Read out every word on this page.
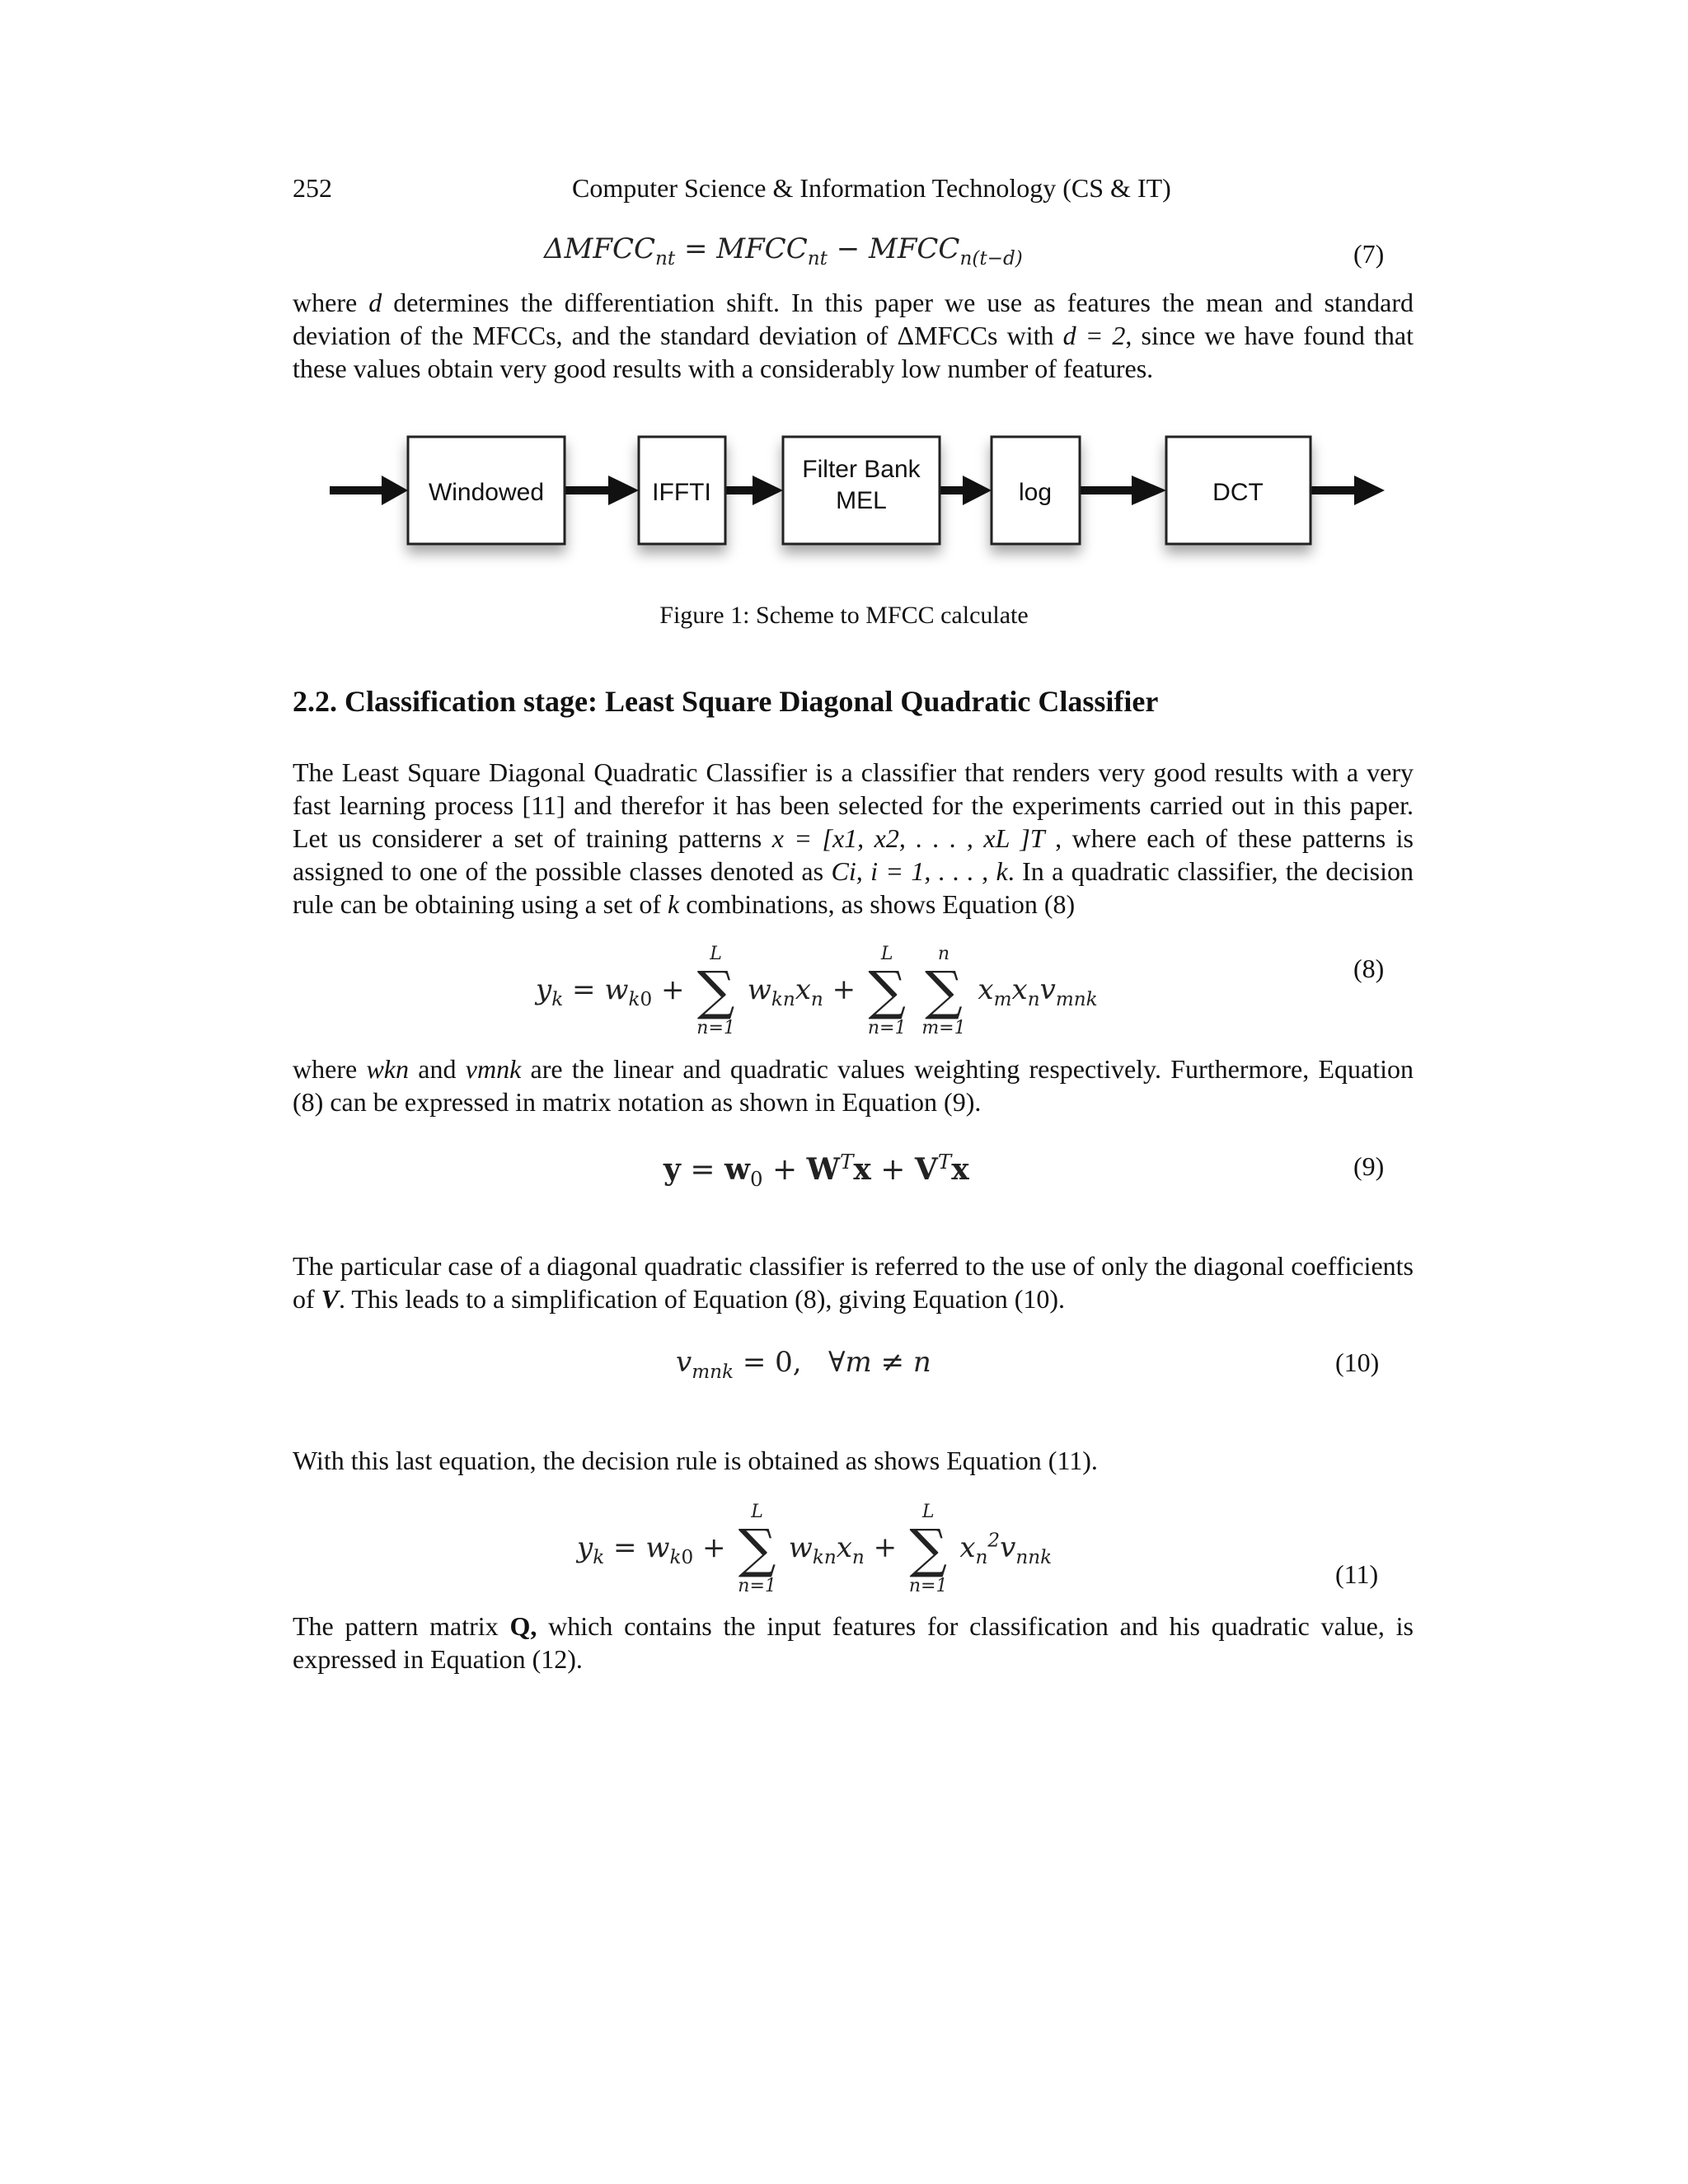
252	Computer Science & Information Technology (CS & IT)
$\Delta MFCC_{nt}$ = $MFCC_{nt}$ − $MFCC_{n(t-d)}$	(7)

where d determines the differentiation shift. In this paper we use as features the mean and standard deviation of the MFCCs, and the standard deviation of ΔMFCCs with d = 2, since we have found that these values obtain very good results with a considerably low number of features.

Windowed	IFFTI
Filter Bank
MEL	log	DCT
Figure 1: Scheme to MFCC calculate
2.2. Classification stage: Least Square Diagonal Quadratic Classifier

The Least Square Diagonal Quadratic Classifier is a classifier that renders very good results with a very fast learning process [11] and therefor it has been selected for the experiments carried out in this paper. Let us considerer a set of training patterns x = [x1, x2, . . . , xL ]T , where each of these patterns is assigned to one of the possible classes denoted as Ci, i = 1, . . . , k. In a quadratic classifier, the decision rule can be obtaining using a set of k combinations, as shows Equation (8)

$y_k = w_{k0}$ +
L
∑
n=1
$w_{kn}x_n$ +
L
∑
n=1

n
∑
m=1
$x_mx_nv_{mnk}$
(8)

where wkn and vmnk are the linear and quadratic values weighting respectively. Furthermore, Equation (8) can be expressed in matrix notation as shown in Equation (9).

$y = w_0 + W^Tx + V^Tx$	(9)

The particular case of a diagonal quadratic classifier is referred to the use of only the diagonal coefficients of V. This leads to a simplification of Equation (8), giving Equation (10).

$v_{mnk} = 0$,   ∀m ≠ n	(10)
With this last equation, the decision rule is obtained as shows Equation (11).
$y_k = w_{k0}$ +
L
∑
n=1
$w_{kn}x_n$ +
L
∑
n=1
$x_n^2v_{nnk}$
(11)

The pattern matrix Q, which contains the input features for classification and his quadratic value, is expressed in Equation (12).
